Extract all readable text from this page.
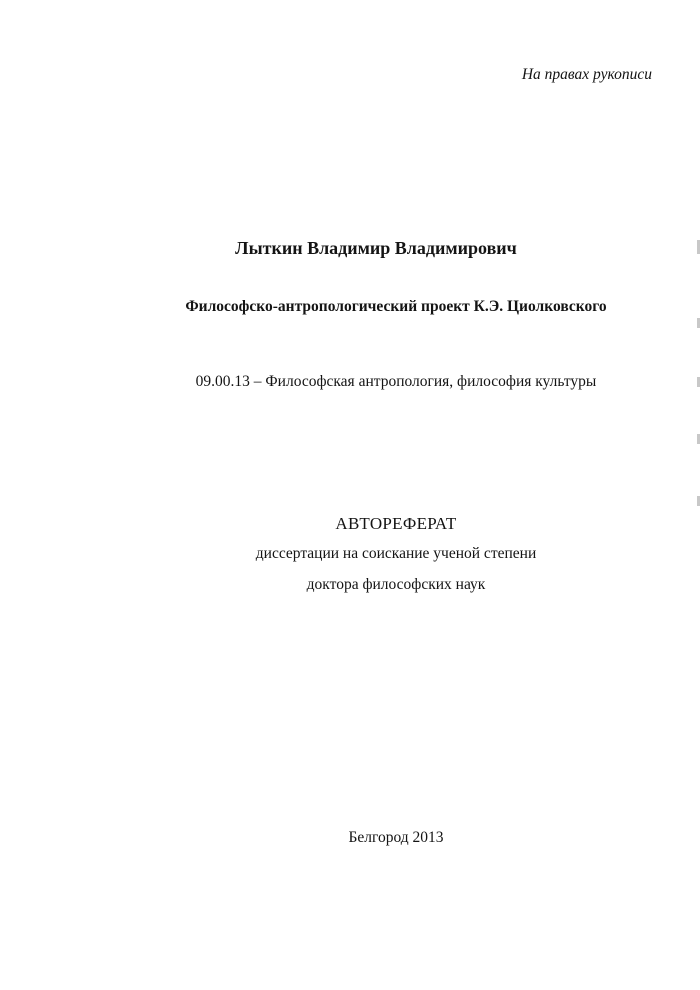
На правах рукописи
Лыткин Владимир Владимирович
Философско-антропологический проект К.Э. Циолковского
09.00.13 – Философская антропология, философия культуры
АВТОРЕФЕРАТ
диссертации на соискание ученой степени
доктора философских наук
Белгород 2013
